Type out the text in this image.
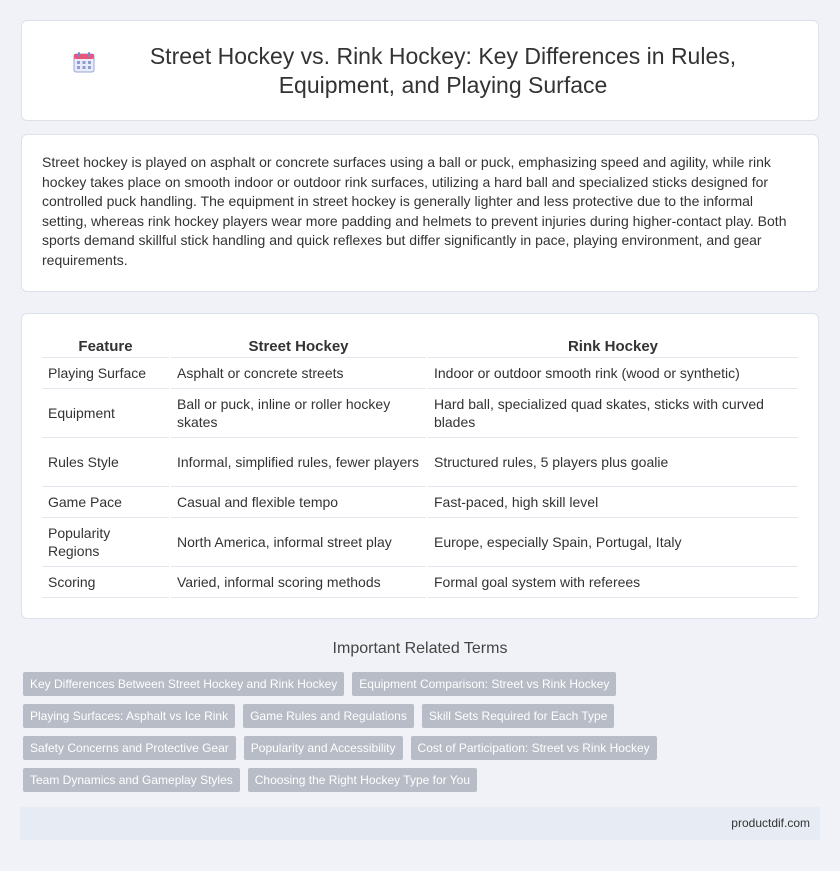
Street Hockey vs. Rink Hockey: Key Differences in Rules, Equipment, and Playing Surface

Street hockey is played on asphalt or concrete surfaces using a ball or puck, emphasizing speed and agility, while rink hockey takes place on smooth indoor or outdoor rink surfaces, utilizing a hard ball and specialized sticks designed for controlled puck handling. The equipment in street hockey is generally lighter and less protective due to the informal setting, whereas rink hockey players wear more padding and helmets to prevent injuries during higher-contact play. Both sports demand skillful stick handling and quick reflexes but differ significantly in pace, playing environment, and gear requirements.

Feature	Street Hockey	Rink Hockey
Playing Surface	Asphalt or concrete streets	Indoor or outdoor smooth rink (wood or synthetic)
Equipment	Ball or puck, inline or roller hockey skates	Hard ball, specialized quad skates, sticks with curved blades
Rules Style	Informal, simplified rules, fewer players	Structured rules, 5 players plus goalie
Game Pace	Casual and flexible tempo	Fast-paced, high skill level
Popularity Regions	North America, informal street play	Europe, especially Spain, Portugal, Italy
Scoring	Varied, informal scoring methods	Formal goal system with referees
Important Related Terms
Key Differences Between Street Hockey and Rink Hockey	Equipment Comparison: Street vs Rink Hockey
Playing Surfaces: Asphalt vs Ice Rink	Game Rules and Regulations	Skill Sets Required for Each Type
Safety Concerns and Protective Gear	Popularity and Accessibility	Cost of Participation: Street vs Rink Hockey
Team Dynamics and Gameplay Styles	Choosing the Right Hockey Type for You
productdif.com
